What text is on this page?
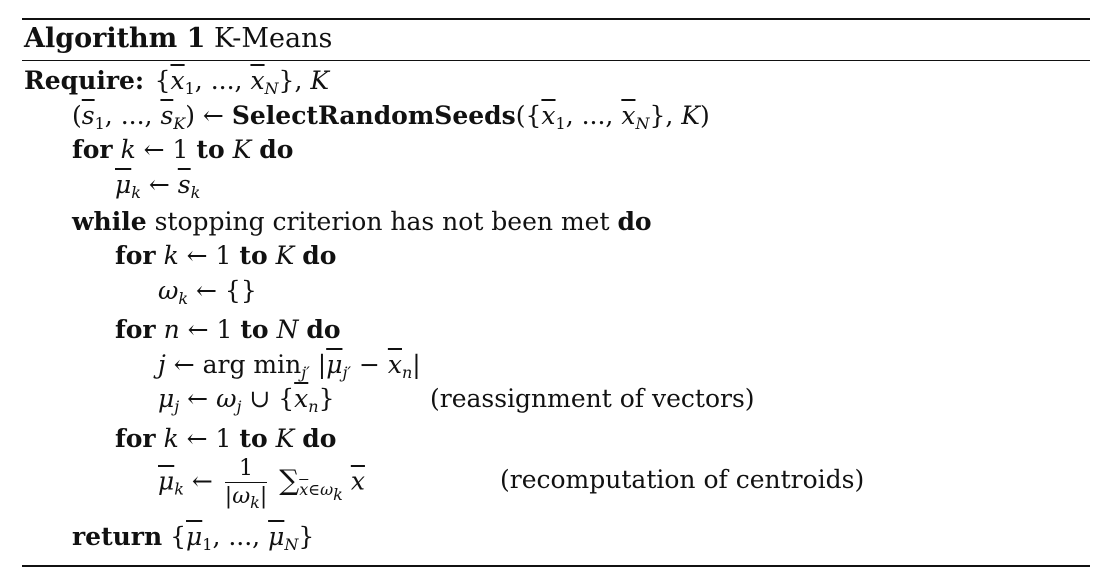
Algorithm 1 K-Means
Require:  {$\overline{x}_1$, ..., $\overline{x}_N$}, K
($\overline{s}_1$, ..., $\overline{s}_K$) ← $SelectRandomSeeds(\{\overline{x}_1$, ..., $\overline{x}_N$}, K)
for k ← 1 to K do
$\overline{\mu}_k$ ← $\overline{s}_k$
while stopping criterion has not been met do
for k ← 1 to K do
$\omega_k$ ← {}
for n ← 1 to N do
j ← arg $\min_{j'} |\overline{\mu}_{j'} - \overline{x}_n|$
$\mu_j$ ← $\omega_j$ ∪ $\{\overline{x}_n\}$	(reassignment of vectors)
for k ← 1 to K do
$\overline{\mu}_k$ ← $\frac{1}{|\omega_k|} \sum_{\overline{x}\in\omega_k}$ $\overline{x}$	(recomputation of centroids)
return {$\overline{\mu}_1$, ..., $\overline{\mu}_N$}
